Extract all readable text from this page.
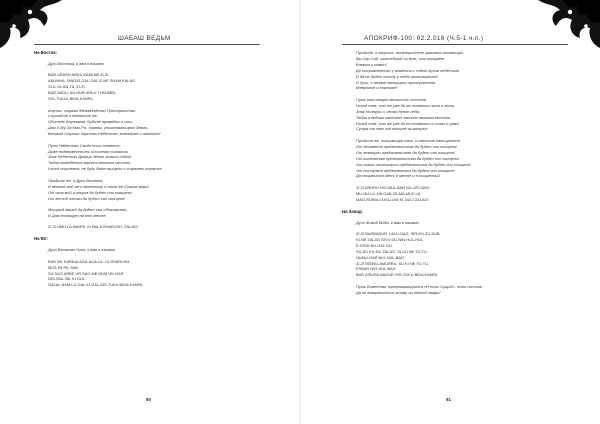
ШАБАШ ВЕДЬМ
На Восток:
Духи Востока, к вам я взываю.
BAR URASH ARKU KAKKAB ZI-ZI.
ANUNNA, DINGIR GAL-GAL-E-NE SHAM KALAG.
SI-IL UL AN-TA, ZI-ZI.
BAR SADU, AS-HUR ARKU TUKUMBI,
GIS-TUKUL BIDA KANPA.
Анунны, стражи Межзвёздного Пространства,
Слушайте и внемлите же.
Обитель Ануннаков, будьте праведны и сты.
Дом У-Му-За Мах-Ра, Урганы, уничтожающего Земли,
Великие Стражи Чертога Небесного, внемлите и помните!
Путь Небесного Свода есть отнятие,
Даже подверженность истинная сознанию.
Знак Небесного Дворца чётко значит собою.
Тайна отведённое законно великим местом.
Ничьё поколение, не будь даже очищено и стражем согласно!
Придите же, о Духи Востока,
И веткой мой же к явленному и стою же Сигила веры!
От оков мой в покров да будет оно очищено!
От веслой пленки да будет оно очищено!
Мощный вашей да будет она обезопасено,
И Дом посвящен на это месте.
ZI ZI UMU LA MAHRI, KI BALA SHARUSH, ZALAG!
На Юг:
Духи Великого Огня, к вам я взываю.
BAR BIL KARKALAGA-ACA-LIL-LA SHARUSH.
MUS PA PIL SAK,
SU DAG ARBE UR SAG ME NUM UN GAR
NIG-MUL BIL KI GUL.
GALAL NAM-LU-GAL KI GAL GIS-TUKU BIDA KANPA.
80
АПОКРИФ-100: 02.2.016 (Ч.5-1 ч.п.)
Придите, о могучие, посвоеристеле красивых пылающих,
Вы Огр Сай, сильнейший из всех, что очищает,
Внемли и помни!
До отправленного у владения с собою лучом небесного,
И да не будет поселу у тебя противоречие!
О духи, о вечное гаснущего пространства
Внемлите и помните!
Путь настоящей великость истинна.
Ничьё тем, что же уже да не посвятит ясно в этом.
Знак Ниппуры и чётко поют себя.
Тайна в ведомо явленное законно великим местом.
Ничьё тем, что же уже да не посвятит в силах и умах!
Сутра та сего чьё высшее за ритуал!
Придите же, очищающие огни, и светите начищается!
От неизменно предательства да будет оно очищено!
От всемирно предательства да будет оно очищено!
От колдовство предательства да будет оно очищено!
От новых постигнуто предательств да будет оно очищено!
От поступков предательных да будет оно очищено!
Да сохранится здесь в месте и в очищенный.
ZI ZI ARURU NIG-MUL BAR BIL-UR-SAG!
MU-NU-LIL-NA GAB ZA-MA-MI-E-LA
MAG-RURAI-LI-ISU-UN! KI-GUL! ZALAG!
На Запад:
Духи Живой Воды, к вам я взываю.
ZI-ZI BARBADUR, LALU-DAG, SIR-KU-ZU DUB.
KI-NE ZALAG SIYU DU-NIN HUL-HUL.
E-GISH NU-GAL DU.
SU-SU KU-KU ZALAG, SU-KI NE TU-TU
NUMU-GAR NIG-HUL-BAD.
ZI-ZI MIDNU-AMURRU, SU KI NE TU-TU.
ESBAR NIG-HUL-BAD.
BAR ZISURA BADUR GIS-TUKU BIDA KANPA.
Путь Божества, превращающегося «Я есть Сущий», есть истина!
Да не возвратиться этому ни единой твари!
81
